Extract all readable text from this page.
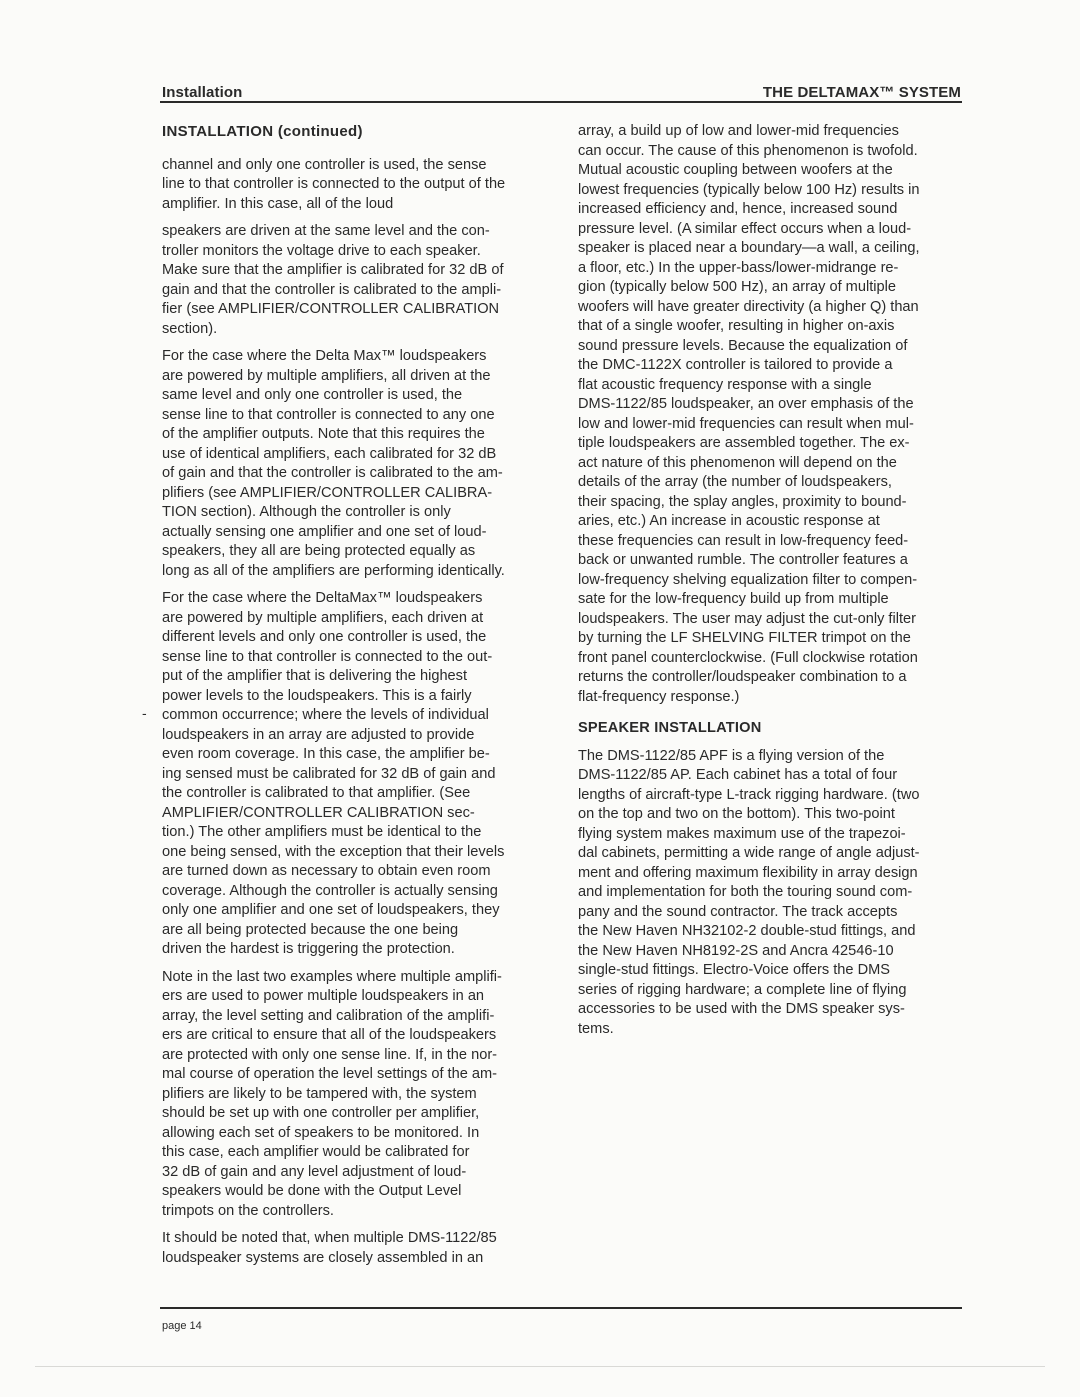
Installation	THE DELTAMAX™ SYSTEM
INSTALLATION (continued)

channel and only one controller is used, the sense
line to that controller is connected to the output of the
amplifier. In this case, all of the loud

speakers are driven at the same level and the con-
troller monitors the voltage drive to each speaker.
Make sure that the amplifier is calibrated for 32 dB of
gain and that the controller is calibrated to the ampli-
fier (see AMPLIFIER/CONTROLLER CALIBRATION
section).

For the case where the Delta Max™ loudspeakers
are powered by multiple amplifiers, all driven at the
same level and only one controller is used, the
sense line to that controller is connected to any one
of the amplifier outputs. Note that this requires the
use of identical amplifiers, each calibrated for 32 dB
of gain and that the controller is calibrated to the am-
plifiers (see AMPLIFIER/CONTROLLER CALIBRA-
TION section). Although the controller is only
actually sensing one amplifier and one set of loud-
speakers, they all are being protected equally as
long as all of the amplifiers are performing identically.

For the case where the DeltaMax™ loudspeakers
are powered by multiple amplifiers, each driven at
different levels and only one controller is used, the
sense line to that controller is connected to the out-
put of the amplifier that is delivering the highest
power levels to the loudspeakers. This is a fairly
common occurrence; where the levels of individual
loudspeakers in an array are adjusted to provide
even room coverage. In this case, the amplifier be-
ing sensed must be calibrated for 32 dB of gain and
the controller is calibrated to that amplifier. (See
AMPLIFIER/CONTROLLER CALIBRATION sec-
tion.) The other amplifiers must be identical to the
one being sensed, with the exception that their levels
are turned down as necessary to obtain even room
coverage. Although the controller is actually sensing
only one amplifier and one set of loudspeakers, they
are all being protected because the one being
driven the hardest is triggering the protection.

Note in the last two examples where multiple amplifi-
ers are used to power multiple loudspeakers in an
array, the level setting and calibration of the amplifi-
ers are critical to ensure that all of the loudspeakers
are protected with only one sense line. If, in the nor-
mal course of operation the level settings of the am-
plifiers are likely to be tampered with, the system
should be set up with one controller per amplifier,
allowing each set of speakers to be monitored. In
this case, each amplifier would be calibrated for
32 dB of gain and any level adjustment of loud-
speakers would be done with the Output Level
trimpots on the controllers.

It should be noted that, when multiple DMS-1122/85
loudspeaker systems are closely assembled in an

-

array, a build up of low and lower-mid frequencies
can occur. The cause of this phenomenon is twofold.
Mutual acoustic coupling between woofers at the
lowest frequencies (typically below 100 Hz) results in
increased efficiency and, hence, increased sound
pressure level. (A similar effect occurs when a loud-
speaker is placed near a boundary—a wall, a ceiling,
a floor, etc.) In the upper-bass/lower-midrange re-
gion (typically below 500 Hz), an array of multiple
woofers will have greater directivity (a higher Q) than
that of a single woofer, resulting in higher on-axis
sound pressure levels. Because the equalization of
the DMC-1122X controller is tailored to provide a
flat acoustic frequency response with a single
DMS-1122/85 loudspeaker, an over emphasis of the
low and lower-mid frequencies can result when mul-
tiple loudspeakers are assembled together. The ex-
act nature of this phenomenon will depend on the
details of the array (the number of loudspeakers,
their spacing, the splay angles, proximity to bound-
aries, etc.) An increase in acoustic response at
these frequencies can result in low-frequency feed-
back or unwanted rumble. The controller features a
low-frequency shelving equalization filter to compen-
sate for the low-frequency build up from multiple
loudspeakers. The user may adjust the cut-only filter
by turning the LF SHELVING FILTER trimpot on the
front panel counterclockwise. (Full clockwise rotation
returns the controller/loudspeaker combination to a
flat-frequency response.)

SPEAKER INSTALLATION

The DMS-1122/85 APF is a flying version of the
DMS-1122/85 AP. Each cabinet has a total of four
lengths of aircraft-type L-track rigging hardware. (two
on the top and two on the bottom). This two-point
flying system makes maximum use of the trapezoi-
dal cabinets, permitting a wide range of angle adjust-
ment and offering maximum flexibility in array design
and implementation for both the touring sound com-
pany and the sound contractor. The track accepts
the New Haven NH32102-2 double-stud fittings, and
the New Haven NH8192-2S and Ancra 42546-10
single-stud fittings. Electro-Voice offers the DMS
series of rigging hardware; a complete line of flying
accessories to be used with the DMS speaker sys-
tems.

page 14
